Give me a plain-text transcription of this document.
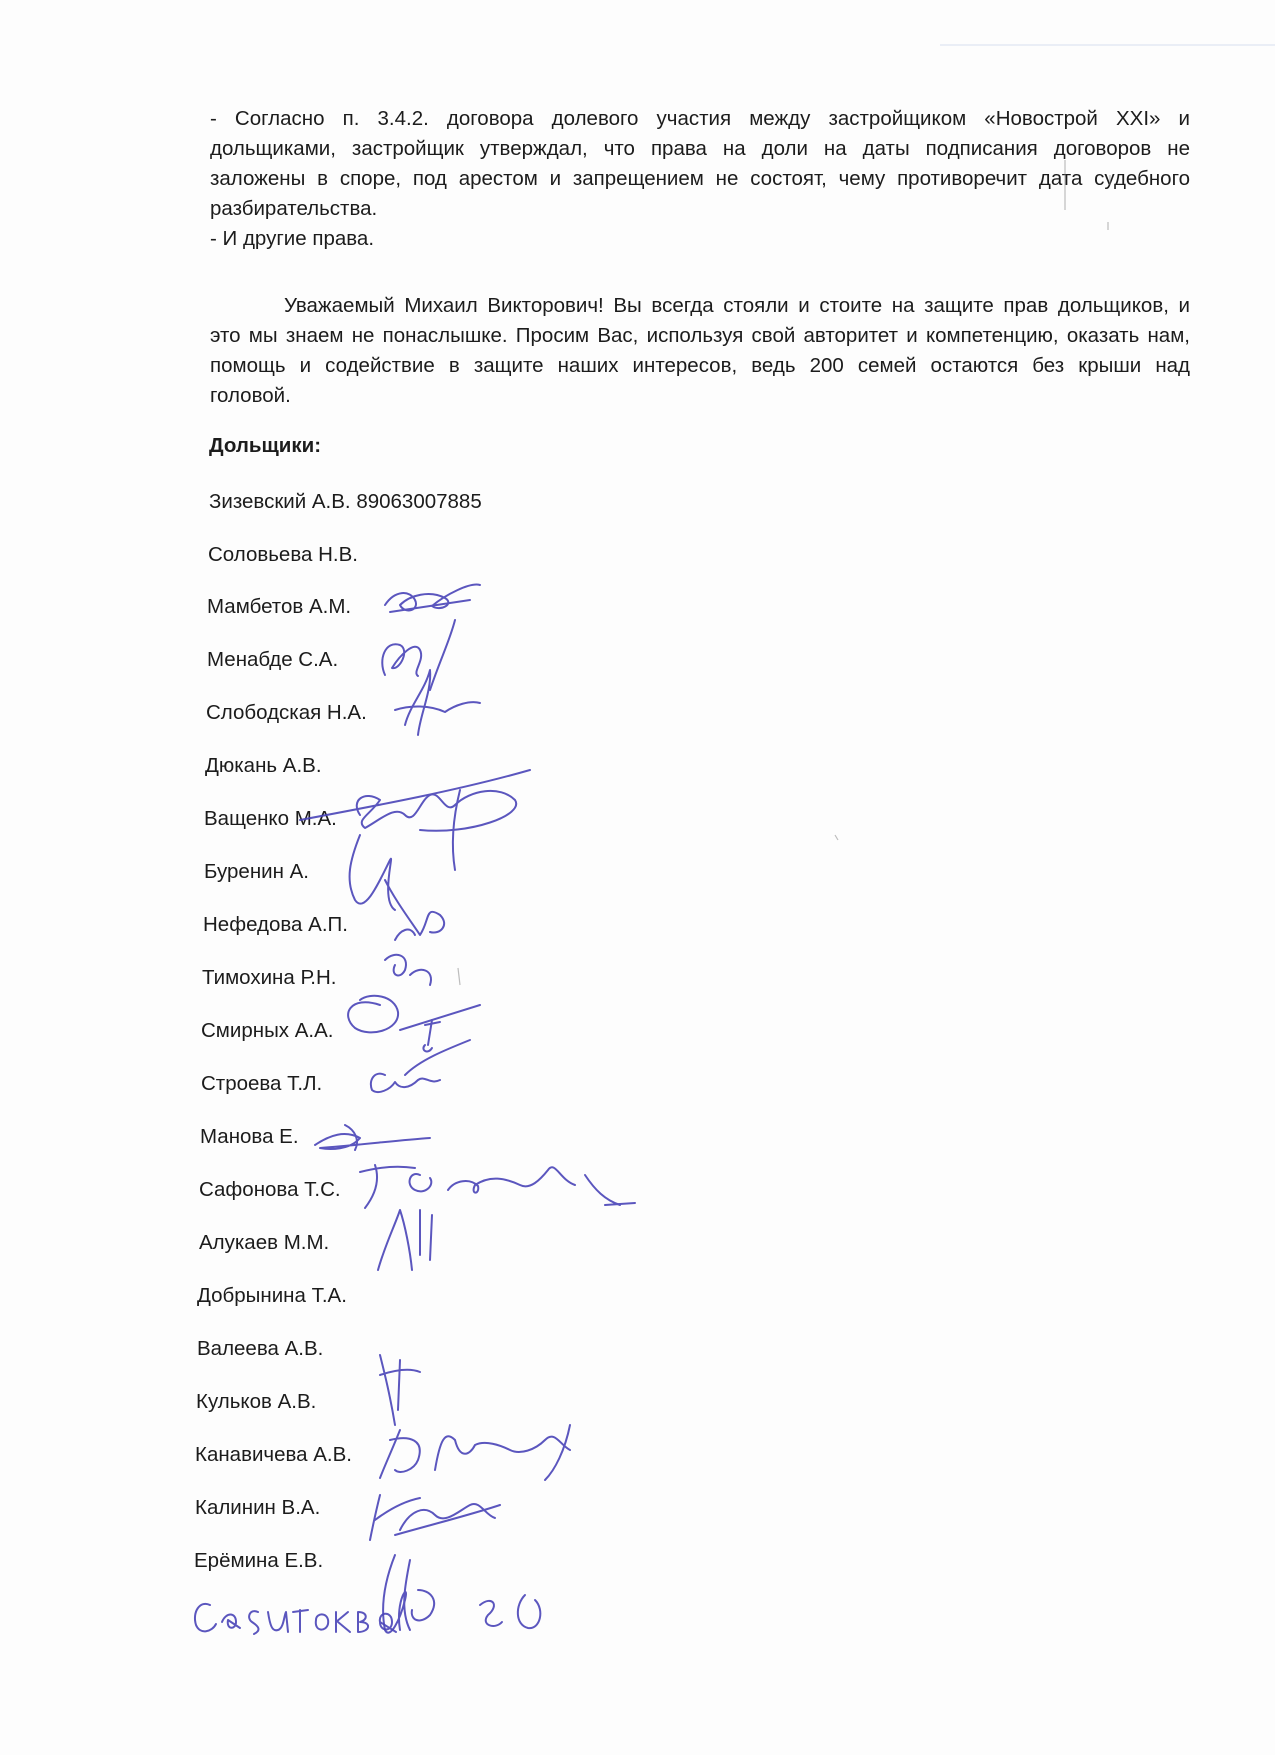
- Согласно п. 3.4.2. договора долевого участия между застройщиком «Новострой XXI» и
дольщиками, застройщик утверждал, что права на доли на даты подписания договоров не
заложены в споре, под арестом и запрещением не состоят, чему противоречит дата судебного
разбирательства.
- И другие права.
Уважаемый Михаил Викторович! Вы всегда стояли и стоите на защите прав дольщиков, и
это мы знаем не понаслышке. Просим Вас, используя свой авторитет и компетенцию, оказать нам,
помощь и содействие в защите наших интересов, ведь 200 семей остаются без крыши над
головой.
Дольщики:
Зизевский А.В. 89063007885
Соловьева Н.В.
Мамбетов А.М.
Менабде С.А.
Слободская Н.А.
Дюкань А.В.
Ващенко М.А.
Буренин А.
Нефедова А.П.
Тимохина Р.Н.
Смирных А.А.
Строева Т.Л.
Манова Е.
Сафонова Т.С.
Алукаев М.М.
Добрынина Т.А.
Валеева А.В.
Кульков А.В.
Канавичева А.В.
Калинин В.А.
Ерёмина Е.В.
